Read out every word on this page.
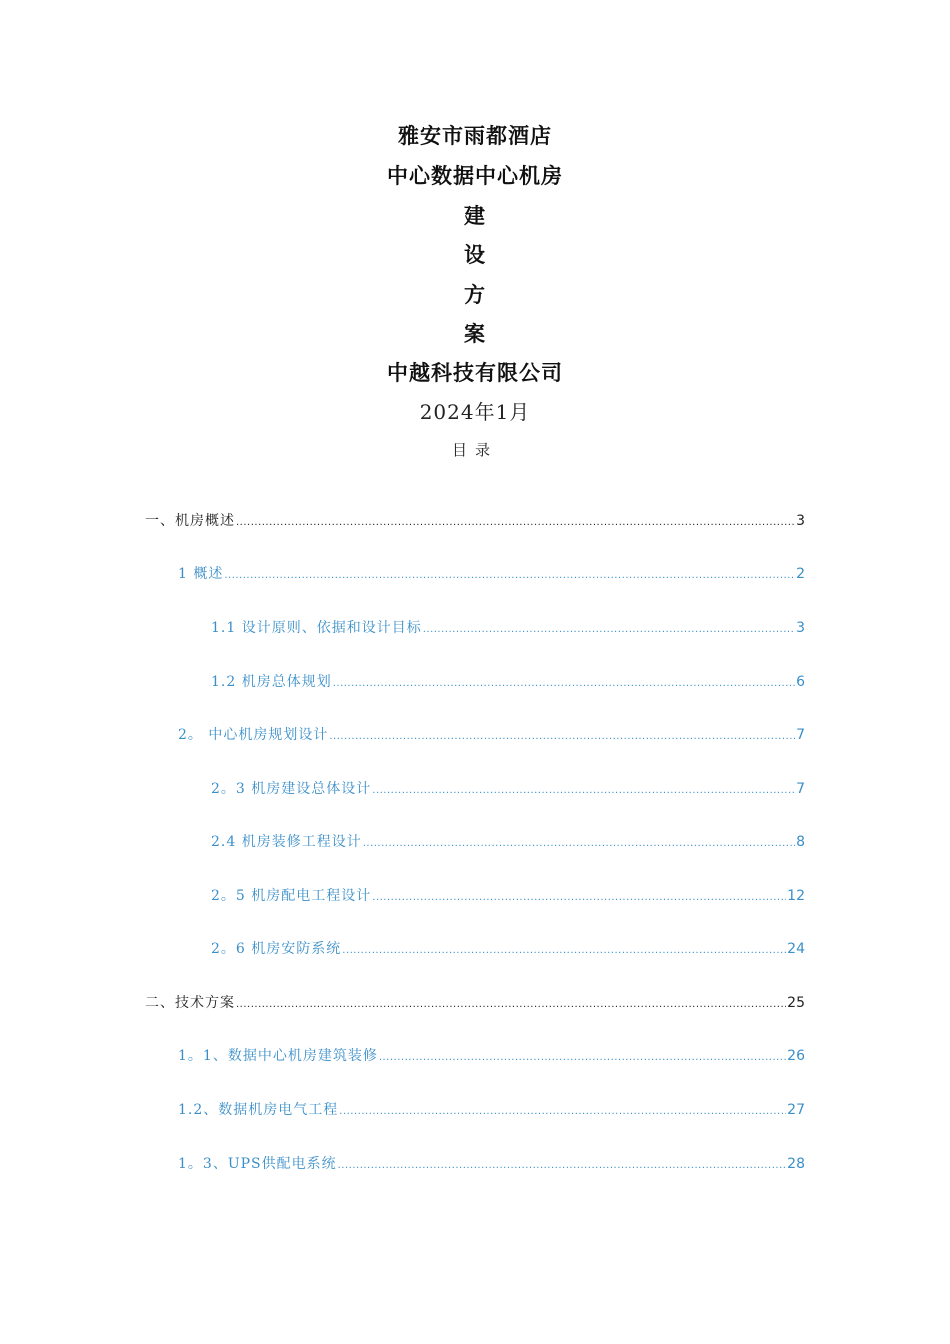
雅安市雨都酒店
中心数据中心机房
建
设
方
案
中越科技有限公司
2024年1月
目录
一、机房概述 .....	3
1 概述 .....	2
1.1 设计原则、依据和设计目标 .....	3
1.2 机房总体规划 .....	6
2。 中心机房规划设计 .....	7
2。3 机房建设总体设计 .....	7
2.4 机房装修工程设计 .....	8
2。5 机房配电工程设计 .....	12
2。6 机房安防系统 .....	24
二、技术方案 .....	25
1。1、数据中心机房建筑装修 .....	26
1.2、数据机房电气工程 .....	27
1。3、UPS供配电系统 .....	28
